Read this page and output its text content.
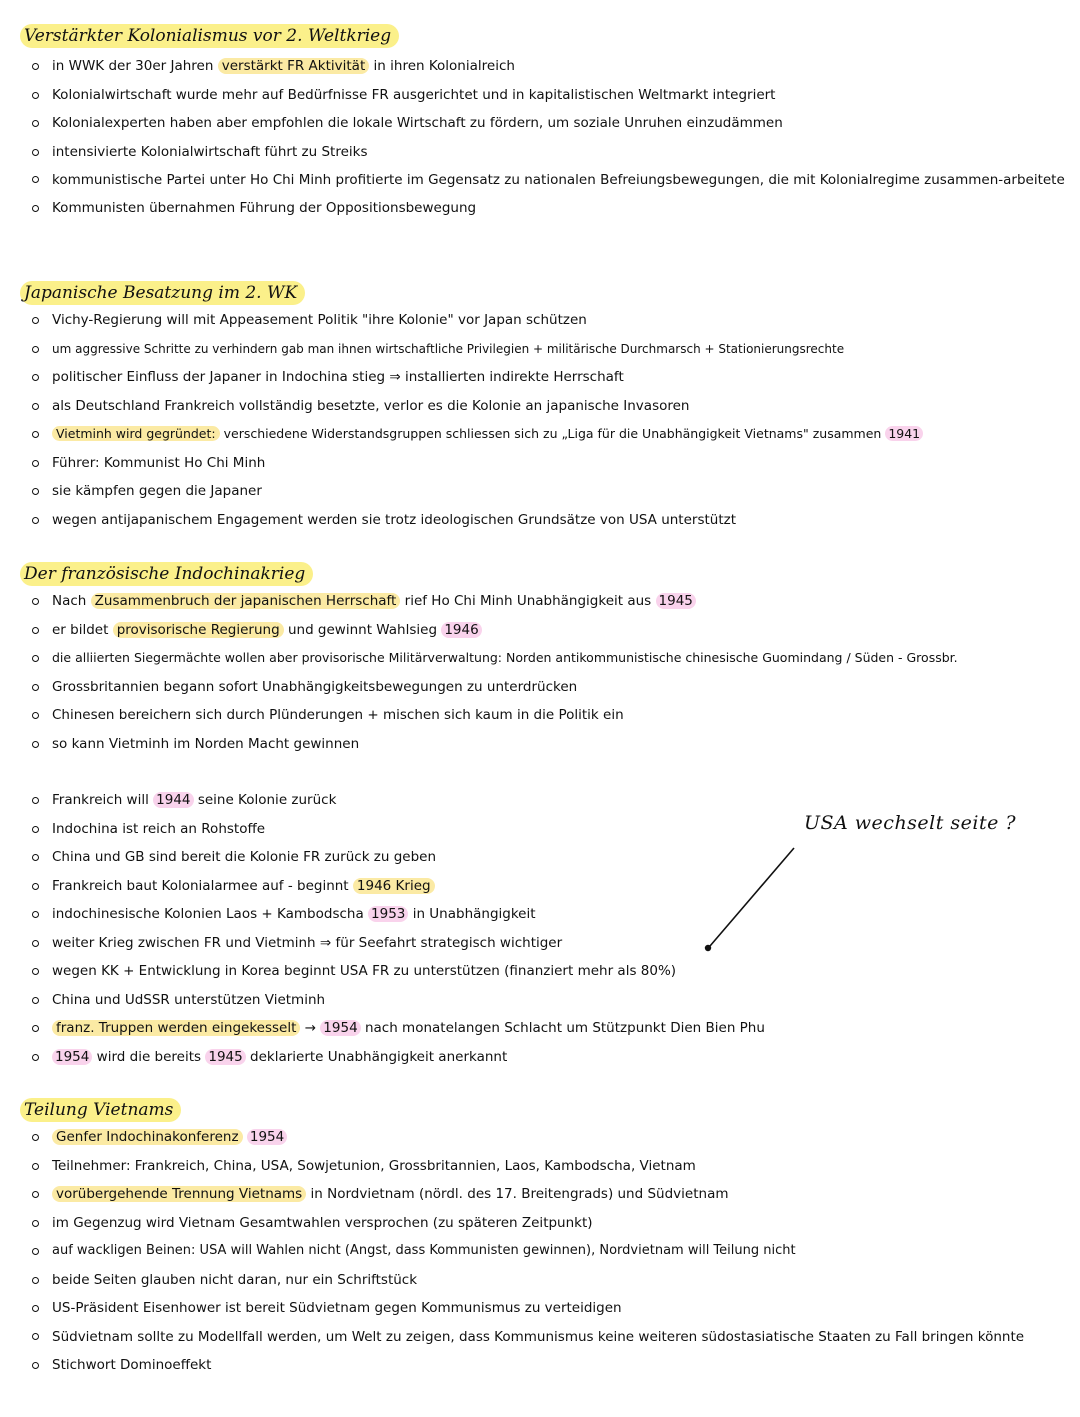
Verstärkter Kolonialismus vor 2. Weltkrieg
in WWK der 30er Jahren verstärkt FR Aktivität in ihren Kolonialreich
Kolonialwirtschaft wurde mehr auf Bedürfnisse FR ausgerichtet und in kapitalistischen Weltmarkt integriert
Kolonialexperten haben aber empfohlen die lokale Wirtschaft zu fördern, um soziale Unruhen einzudämmen
intensivierte Kolonialwirtschaft führt zu Streiks
kommunistische Partei unter Ho Chi Minh profitierte im Gegensatz zu nationalen Befreiungsbewegungen, die mit Kolonialregime zusammen-arbeitete
Kommunisten übernahmen Führung der Oppositionsbewegung
Japanische Besatzung im 2. WK
Vichy-Regierung will mit Appeasement Politik "ihre Kolonie" vor Japan schützen
um aggressive Schritte zu verhindern gab man ihnen wirtschaftliche Privilegien + militärische Durchmarsch + Stationierungsrechte
politischer Einfluss der Japaner in Indochina stieg ⇒ installierten indirekte Herrschaft
als Deutschland Frankreich vollständig besetzte, verlor es die Kolonie an japanische Invasoren
Vietminh wird gegründet: verschiedene Widerstandsgruppen schliessen sich zu „Liga für die Unabhängigkeit Vietnams" zusammen 1941
Führer: Kommunist Ho Chi Minh
sie kämpfen gegen die Japaner
wegen antijapanischem Engagement werden sie trotz ideologischen Grundsätze von USA unterstützt
Der französische Indochinakrieg
Nach Zusammenbruch der japanischen Herrschaft rief Ho Chi Minh Unabhängigkeit aus 1945
er bildet provisorische Regierung und gewinnt Wahlsieg 1946
die alliierten Siegermächte wollen aber provisorische Militärverwaltung: Norden antikommunistische chinesische Guomindang / Süden - Grossbr.
Grossbritannien begann sofort Unabhängigkeitsbewegungen zu unterdrücken
Chinesen bereichern sich durch Plünderungen + mischen sich kaum in die Politik ein
so kann Vietminh im Norden Macht gewinnen
Frankreich will 1944 seine Kolonie zurück
Indochina ist reich an Rohstoffe
China und GB sind bereit die Kolonie FR zurück zu geben
Frankreich baut Kolonialarmee auf - beginnt 1946 Krieg
indochinesische Kolonien Laos + Kambodscha 1953 in Unabhängigkeit
weiter Krieg zwischen FR und Vietminh ⇒ für Seefahrt strategisch wichtiger
wegen KK + Entwicklung in Korea beginnt USA FR zu unterstützen (finanziert mehr als 80%)
China und UdSSR unterstützen Vietminh
franz. Truppen werden eingekesselt → 1954 nach monatelangen Schlacht um Stützpunkt Dien Bien Phu
1954 wird die bereits 1945 deklarierte Unabhängigkeit anerkannt
USA wechselt seite ?
Teilung Vietnams
Genfer Indochinakonferenz 1954
Teilnehmer: Frankreich, China, USA, Sowjetunion, Grossbritannien, Laos, Kambodscha, Vietnam
vorübergehende Trennung Vietnams in Nordvietnam (nördl. des 17. Breitengrads) und Südvietnam
im Gegenzug wird Vietnam Gesamtwahlen versprochen (zu späteren Zeitpunkt)
auf wackligen Beinen: USA will Wahlen nicht (Angst, dass Kommunisten gewinnen), Nordvietnam will Teilung nicht
beide Seiten glauben nicht daran, nur ein Schriftstück
US-Präsident Eisenhower ist bereit Südvietnam gegen Kommunismus zu verteidigen
Südvietnam sollte zu Modellfall werden, um Welt zu zeigen, dass Kommunismus keine weiteren südostasiatische Staaten zu Fall bringen könnte
Stichwort Dominoeffekt
